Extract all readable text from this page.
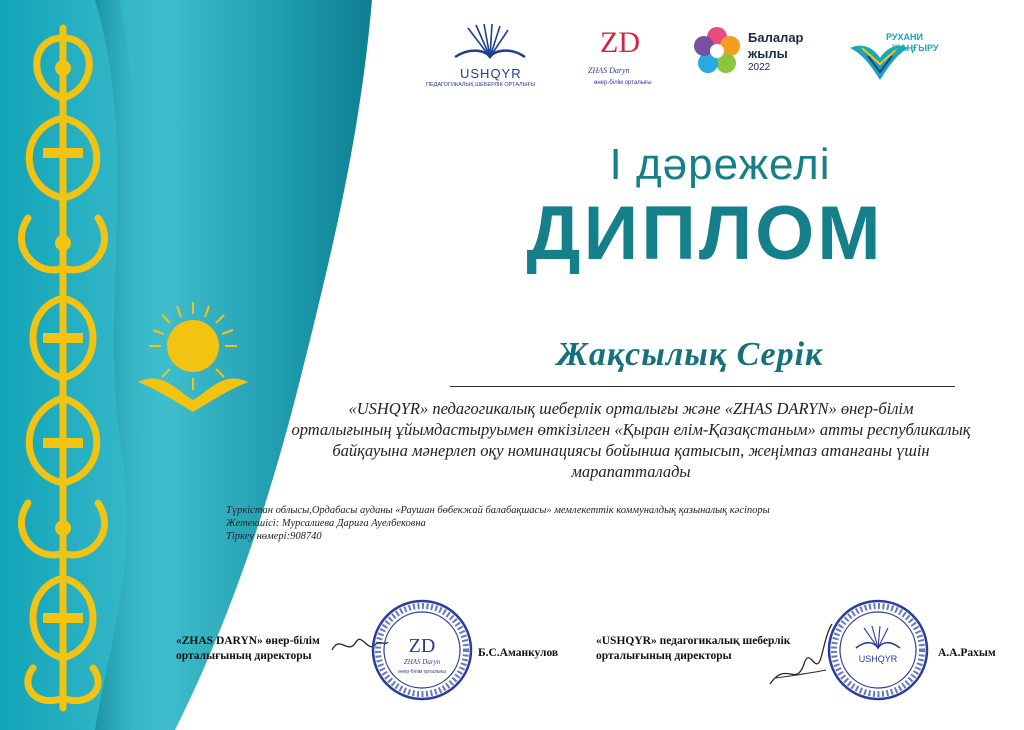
USHQYR
ПЕДАГОГИКАЛЫҚ ШЕБЕРЛІК ОРТАЛЫҒЫ
ZD
ZHAS Daryn
өнер-білім орталығы
Балалар
жылы
2022
РУХАНИ
ЖАҢҒЫРУ
І дәрежелі
ДИПЛОМ
Жақсылық Серік
«USHQYR» педагогикалық шеберлік орталығы және «ZHAS DARYN» өнер-білім
орталығының ұйымдастыруымен өткізілген «Қыран елім-Қазақстаным» атты республикалық
байқауына мәнерлеп оқу номинациясы бойынша қатысып, жеңімпаз атанғаны үшін
марапатталады
Түркістан облысы,Ордабасы ауданы «Раушан бөбекжай балабақшасы» мемлекеттік коммуналдық қазыналық кәсіпоры
Жетекшісі: Мурсалиева Дариға Ауелбековна
Тіркеу нөмері:908740
«ZHAS DARYN» өнер-білім
орталығының директоры	ZD
ZHAS Daryn
өнер-білім орталығы
Б.С.Аманкулов
«USHQYR» педагогикалық шеберлік
орталығының директоры	USHQYR	А.А.Рахым
